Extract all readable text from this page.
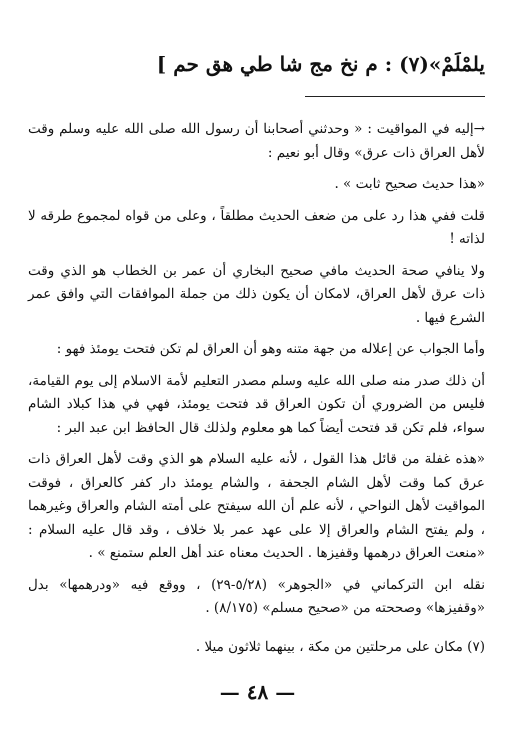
يلمْلَمْ»(٧) : م نخ مج شا طي هق حم ]

→إليه في المواقيت : « وحدثني أصحابنا أن رسول الله صلى الله عليه وسلم وقت لأهل العراق ذات عرق» وقال أبو نعيم :

«هذا حديث صحيح ثابت » .

قلت ففي هذا رد على من ضعف الحديث مطلقاً ، وعلى من قواه لمجموع طرقه لا لذاته !

ولا ينافي صحة الحديث مافي صحيح البخاري أن عمر بن الخطاب هو الذي وقت ذات عرق لأهل العراق، لامكان أن يكون ذلك من جملة الموافقات التي وافق عمر الشرع فيها .

وأما الجواب عن إعلاله من جهة متنه وهو أن العراق لم تكن فتحت يومئذ فهو :

أن ذلك صدر منه صلى الله عليه وسلم مصدر التعليم لأمة الاسلام إلى يوم القيامة، فليس من الضروري أن تكون العراق قد فتحت يومئذ، فهي في هذا كبلاد الشام سواء، فلم تكن قد فتحت أيضاً كما هو معلوم ولذلك قال الحافظ ابن عبد البر :

«هذه غفلة من قائل هذا القول ، لأنه عليه السلام هو الذي وقت لأهل العراق ذات عرق كما وقت لأهل الشام الجحفة ، والشام يومئذ دار كفر كالعراق ، فوقت المواقيت لأهل النواحي ، لأنه علم أن الله سيفتح على أمته الشام والعراق وغيرهما ، ولم يفتح الشام والعراق إلا على عهد عمر بلا خلاف ، وقد قال عليه السلام : «منعت العراق درهمها وقفيزها . الحديث معناه عند أهل العلم ستمنع » .

نقله ابن التركماني في «الجوهر» (٥/٢٨-٢٩) ، ووقع فيه «ودرهمها» بدل «وقفيزها» وصححته من «صحيح مسلم» (٨/١٧٥) .

(٧) مكان على مرحلتين من مكة ، بينهما ثلاثون ميلا .
— ٤٨ —
